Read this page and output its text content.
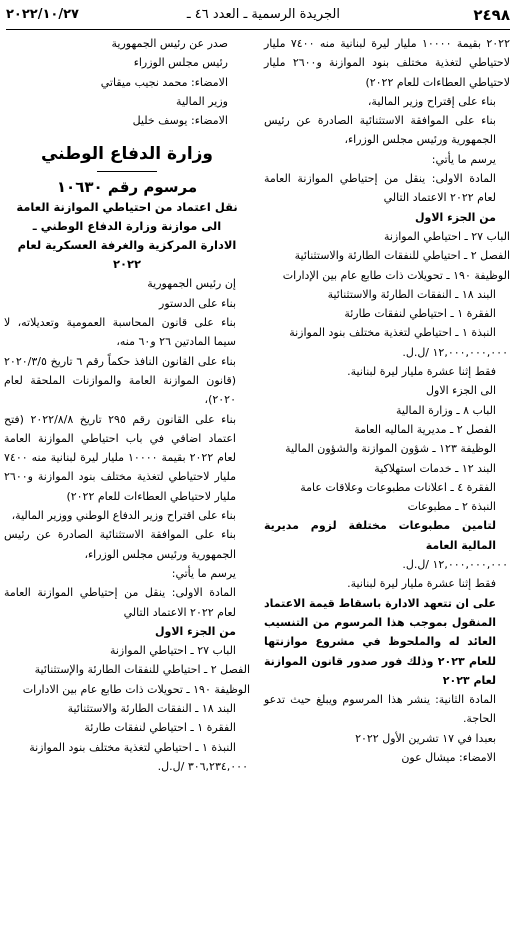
٢٤٩٨
الجريدة الرسمية ـ العدد ٤٦ ـ
٢٠٢٢/١٠/٢٧

٢٠٢٢ بقيمة ١٠٠٠٠ مليار ليرة لبنانية منه ٧٤٠٠ مليار لاحتياطي لتغذية مختلف بنود الموازنة و٢٦٠٠ مليار لاحتياطي العطاءات للعام ٢٠٢٢)

بناء على إقتراح وزير المالية،

بناء على الموافقة الاستثنائية الصادرة عن رئيس الجمهورية ورئيس مجلس الوزراء،

يرسم ما يأتي:

المادة الاولى: ينقل من إحتياطي الموازنة العامة لعام ٢٠٢٢ الاعتماد التالي

من الجزء الاول

الباب ٢٧ ـ احتياطي الموازنة

الفصل ٢ ـ احتياطي للنفقات الطارئة والاستثنائية

الوظيفة ١٩٠ ـ تحويلات ذات طابع عام بين الإدارات

البند ١٨ ـ النفقات الطارئة والاستثنائية

الفقرة ١ ـ احتياطي لنفقات طارئة

النبذة ١ ـ احتياطي لتغذية مختلف بنود الموازنة

١٢,٠٠٠,٠٠٠,٠٠٠ /ل.ل.

فقط إثنا عشرة مليار ليرة لبنانية.

الى الجزء الاول

الباب ٨ ـ وزارة المالية

الفصل ٢ ـ مديرية الماليه العامة

الوظيفة ١٢٣ ـ شؤون الموازنة والشؤون المالية

البند ١٢ ـ خدمات استهلاكية

الفقرة ٤ ـ اعلانات مطبوعات وعلاقات عامة

النبذة ٢ ـ مطبوعات

لتامين مطبوعات مختلفة لزوم مديرية المالية العامة

١٢,٠٠٠,٠٠٠,٠٠٠ /ل.ل.

فقط إثنا عشرة مليار ليرة لبنانية.

على ان تتعهد الادارة باسقاط قيمة الاعتماد المنقول بموجب هذا المرسوم من التنسيب العائد له والملحوظ في مشروع موازنتها للعام ٢٠٢٣ وذلك فور صدور قانون الموازنة لعام ٢٠٢٣

المادة الثانية: ينشر هذا المرسوم ويبلغ حيث تدعو الحاجة.

بعبدا في ١٧ تشرين الأول ٢٠٢٢

الامضاء: ميشال عون

صدر عن رئيس الجمهورية

رئيس مجلس الوزراء

الامضاء: محمد نجيب ميقاتي

وزير المالية

الامضاء: يوسف خليل

وزارة الدفاع الوطني
مرسوم رقم ١٠٦٣٠
نقل اعتماد من احتياطي الموازنة العامة
الى موازنة وزارة الدفاع الوطني ـ
الادارة المركزية والغرفة العسكرية لعام ٢٠٢٢

إن رئيس الجمهورية

بناء على الدستور

بناء على قانون المحاسبة العمومية وتعديلاته، لا سيما المادتين ٢٦ و٦٠ منه،

بناء على القانون النافذ حكماً رقم ٦ تاريخ ٢٠٢٠/٣/٥ (قانون الموازنة العامة والموازنات الملحقة لعام ٢٠٢٠)،

بناء على القانون رقم ٢٩٥ تاريخ ٢٠٢٢/٨/٨ (فتح اعتماد اضافي في باب احتياطي الموازنة العامة لعام ٢٠٢٢ بقيمة ١٠٠٠٠ مليار ليرة لبنانية منه ٧٤٠٠ مليار لاحتياطي لتغذية مختلف بنود الموازنة و٢٦٠٠ مليار لاحتياطي العطاءات للعام ٢٠٢٢)

بناء على اقتراح وزير الدفاع الوطني ووزير المالية،

بناء على الموافقة الاستثنائية الصادرة عن رئيس الجمهورية ورئيس مجلس الوزراء،

يرسم ما يأتي:

المادة الاولى: ينقل من إحتياطي الموازنة العامة لعام ٢٠٢٢ الاعتماد التالي

من الجزء الاول

الباب ٢٧ ـ احتياطي الموازنة

الفصل ٢ ـ احتياطي للنفقات الطارئة والإستثنائية

الوظيفة ١٩٠ ـ تحويلات ذات طابع عام بين الادارات

البند ١٨ ـ النفقات الطارئة والاستثنائية

الفقرة ١ ـ احتياطي لنفقات طارئة

النبذة ١ ـ احتياطي لتغذية مختلف بنود الموازنة

٣٠٦,٢٣٤,٠٠٠ /ل.ل.
